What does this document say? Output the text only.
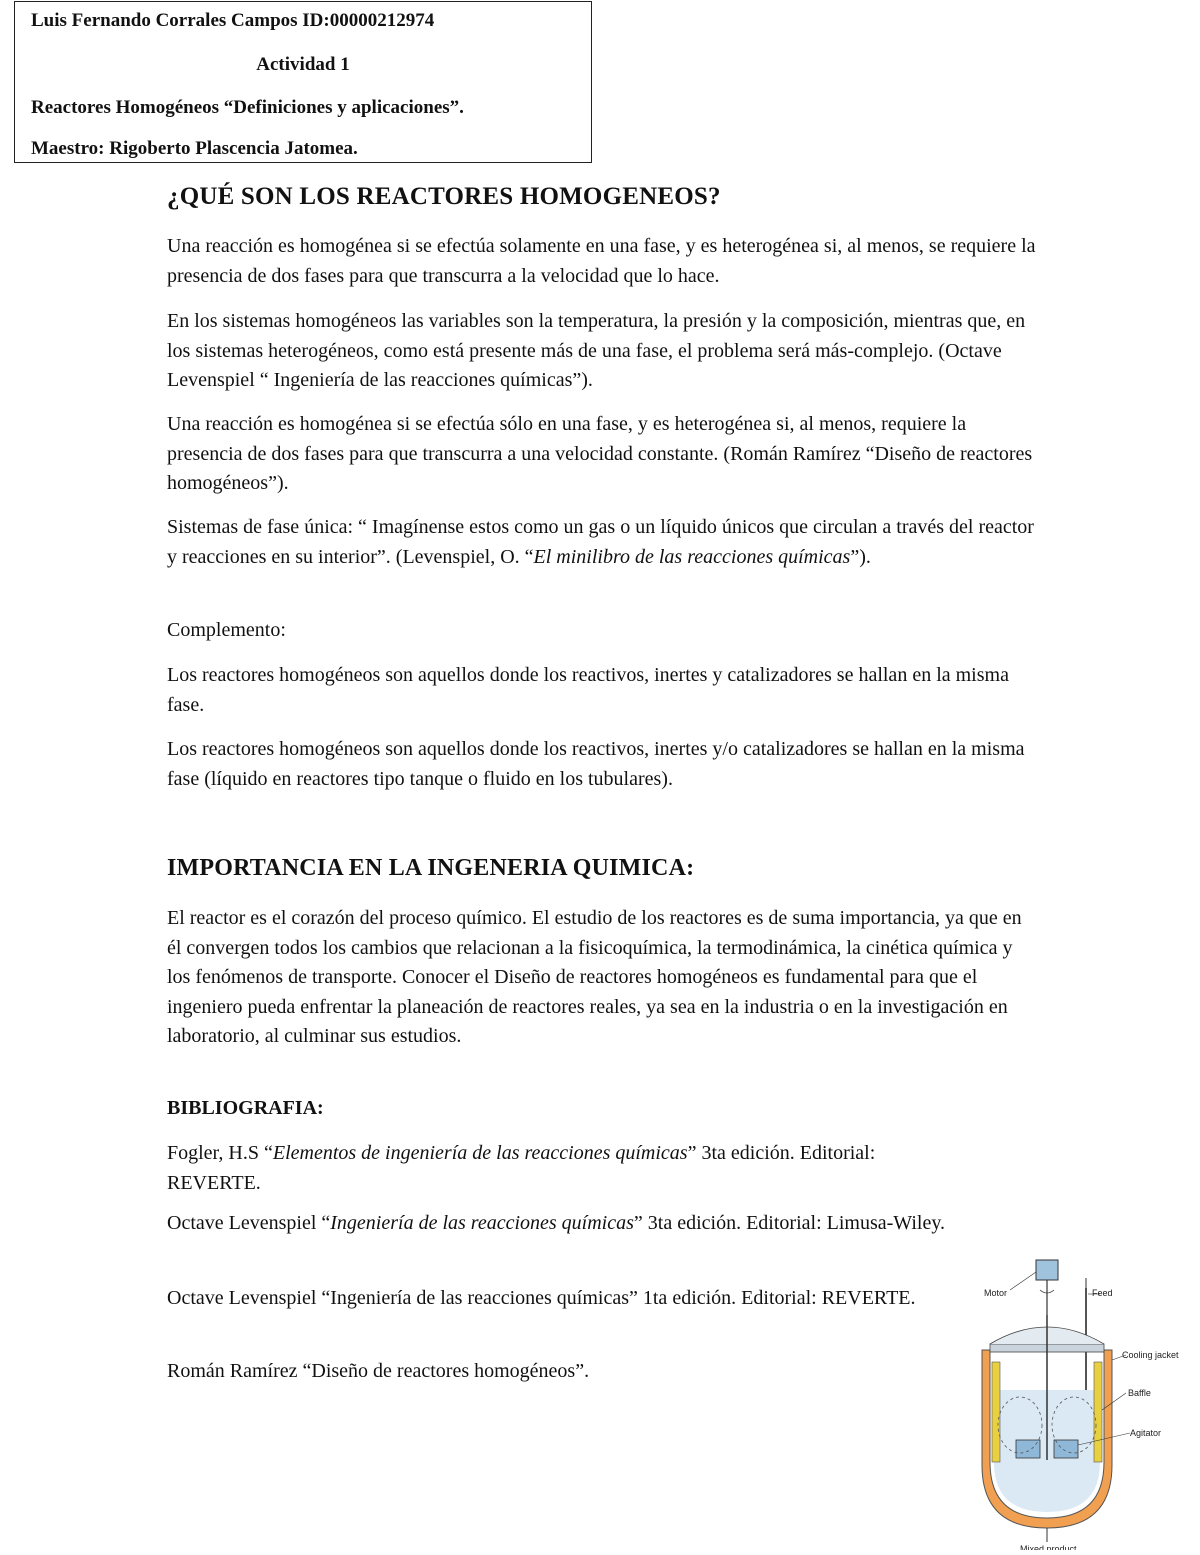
Luis Fernando Corrales Campos ID:00000212974
Actividad 1
Reactores Homogéneos “Definiciones y aplicaciones”.
Maestro: Rigoberto Plascencia Jatomea.
¿QUÉ SON LOS REACTORES HOMOGENEOS?
Una reacción es homogénea si se efectúa solamente en una fase, y es heterogénea si, al menos, se requiere la presencia de dos fases para que transcurra a la velocidad que lo hace.
En los sistemas homogéneos las variables son la temperatura, la presión y la composición, mientras que, en los sistemas heterogéneos, como está presente más de una fase, el problema será más-complejo. (Octave Levenspiel “ Ingeniería de las reacciones químicas”).
Una reacción es homogénea si se efectúa sólo en una fase, y es heterogénea si, al menos, requiere la presencia de dos fases para que transcurra a una velocidad constante. (Román Ramírez “Diseño de reactores homogéneos”).
Sistemas de fase única: “ Imagínense estos como un gas o un líquido únicos que circulan a través del reactor y reacciones en su interior”. (Levenspiel, O. “El minilibro de las reacciones químicas”).
Complemento:
Los reactores homogéneos son aquellos donde los reactivos, inertes y catalizadores se hallan en la misma fase.
Los reactores homogéneos son aquellos donde los reactivos, inertes y/o catalizadores se hallan en la misma fase (líquido en reactores tipo tanque o fluido en los tubulares).
IMPORTANCIA EN LA INGENERIA QUIMICA:
El reactor es el corazón del proceso químico. El estudio de los reactores es de suma importancia, ya que en él convergen todos los cambios que relacionan a la fisicoquímica, la termodinámica, la cinética química y los fenómenos de transporte. Conocer el Diseño de reactores homogéneos es fundamental para que el ingeniero pueda enfrentar la planeación de reactores reales, ya sea en la industria o en la investigación en laboratorio, al culminar sus estudios.
BIBLIOGRAFIA:
Fogler, H.S “Elementos de ingeniería de las reacciones químicas” 3ta edición. Editorial: REVERTE.
Octave Levenspiel “Ingeniería de las reacciones químicas” 3ta edición. Editorial: Limusa-Wiley.
Octave Levenspiel “Ingeniería de las reacciones químicas” 1ta edición. Editorial: REVERTE.
Román Ramírez “Diseño de reactores homogéneos”.
Motor	Feed
Cooling jacket
Baffle
Agitator
Mixed product
